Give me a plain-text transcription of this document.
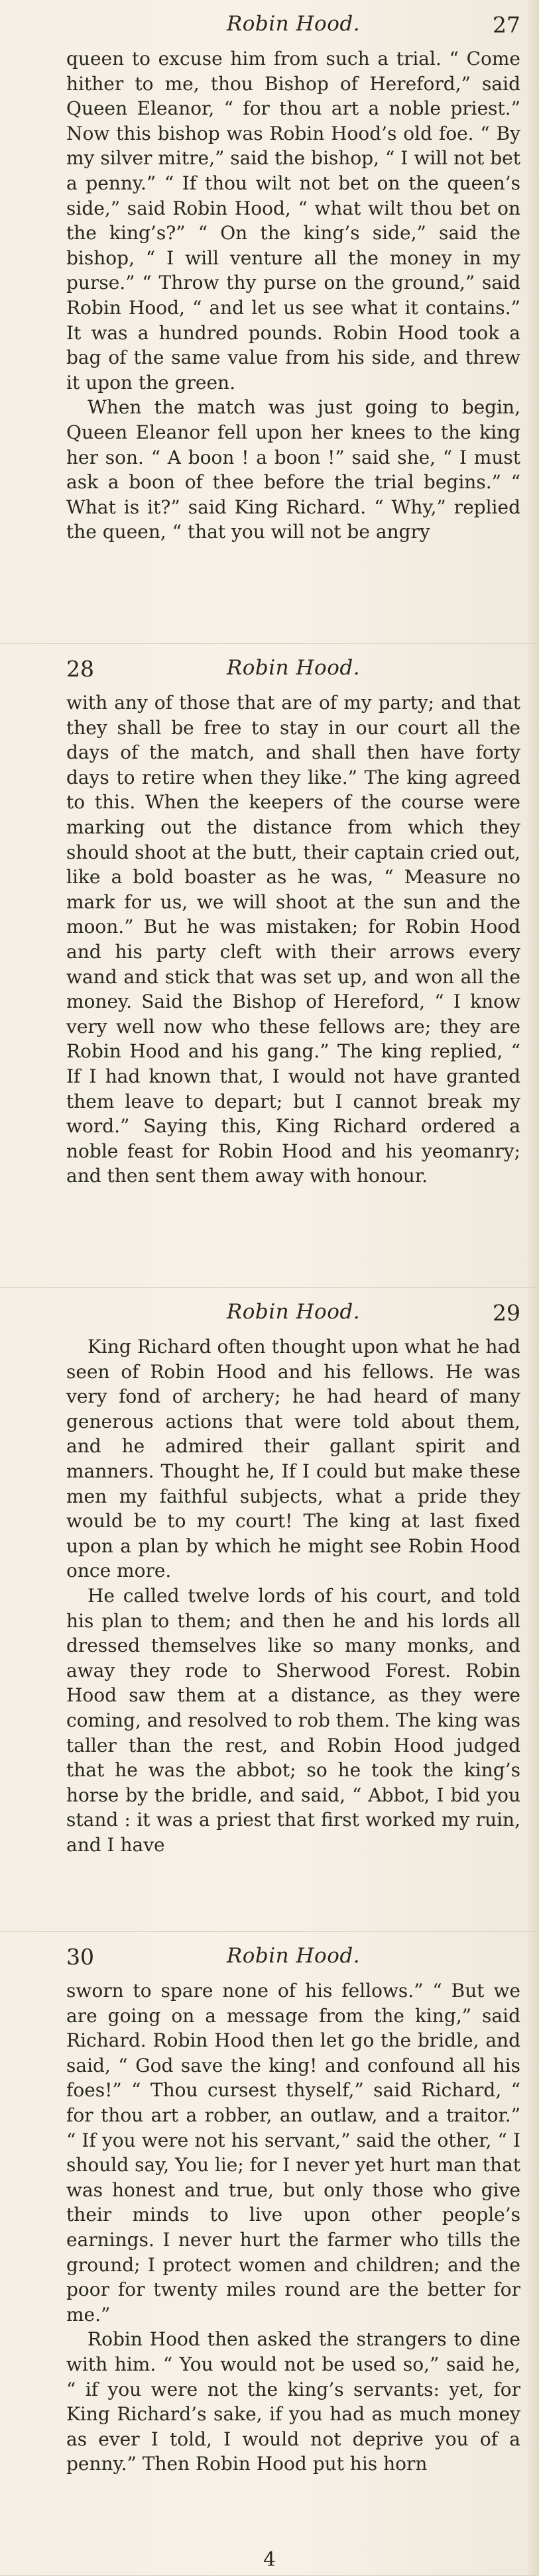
Robin Hood.	27

queen to excuse him from such a trial. “ Come hither to me, thou Bishop of Hereford,” said Queen Eleanor, “ for thou art a noble priest.” Now this bishop was Robin Hood’s old foe. “ By my silver mitre,” said the bishop, “ I will not bet a penny.” “ If thou wilt not bet on the queen’s side,” said Robin Hood, “ what wilt thou bet on the king’s?” “ On the king’s side,” said the bishop, “ I will venture all the money in my purse.” “ Throw thy purse on the ground,” said Robin Hood, “ and let us see what it contains.” It was a hundred pounds. Robin Hood took a bag of the same value from his side, and threw it upon the green.

When the match was just going to begin, Queen Eleanor fell upon her knees to the king her son. “ A boon ! a boon !” said she, “ I must ask a boon of thee before the trial begins.” “ What is it?” said King Richard. “ Why,” replied the queen, “ that you will not be angry

28	Robin Hood.

with any of those that are of my party; and that they shall be free to stay in our court all the days of the match, and shall then have forty days to retire when they like.” The king agreed to this. When the keepers of the course were marking out the distance from which they should shoot at the butt, their captain cried out, like a bold boaster as he was, “ Measure no mark for us, we will shoot at the sun and the moon.” But he was mistaken; for Robin Hood and his party cleft with their arrows every wand and stick that was set up, and won all the money. Said the Bishop of Hereford, “ I know very well now who these fellows are; they are Robin Hood and his gang.” The king replied, “ If I had known that, I would not have granted them leave to depart; but I cannot break my word.” Saying this, King Richard ordered a noble feast for Robin Hood and his yeomanry; and then sent them away with honour.

Robin Hood.	29

King Richard often thought upon what he had seen of Robin Hood and his fellows. He was very fond of archery; he had heard of many generous actions that were told about them, and he admired their gallant spirit and manners. Thought he, If I could but make these men my faithful subjects, what a pride they would be to my court! The king at last fixed upon a plan by which he might see Robin Hood once more.

He called twelve lords of his court, and told his plan to them; and then he and his lords all dressed themselves like so many monks, and away they rode to Sherwood Forest. Robin Hood saw them at a distance, as they were coming, and resolved to rob them. The king was taller than the rest, and Robin Hood judged that he was the abbot; so he took the king’s horse by the bridle, and said, “ Abbot, I bid you stand : it was a priest that first worked my ruin, and I have

30	Robin Hood.

sworn to spare none of his fellows.” “ But we are going on a message from the king,” said Richard. Robin Hood then let go the bridle, and said, “ God save the king! and confound all his foes!” “ Thou cursest thyself,” said Richard, “ for thou art a robber, an outlaw, and a traitor.” “ If you were not his servant,” said the other, “ I should say, You lie; for I never yet hurt man that was honest and true, but only those who give their minds to live upon other people’s earnings. I never hurt the farmer who tills the ground; I protect women and children; and the poor for twenty miles round are the better for me.”

Robin Hood then asked the strangers to dine with him. “ You would not be used so,” said he, “ if you were not the king’s servants: yet, for King Richard’s sake, if you had as much money as ever I told, I would not deprive you of a penny.” Then Robin Hood put his horn

4
